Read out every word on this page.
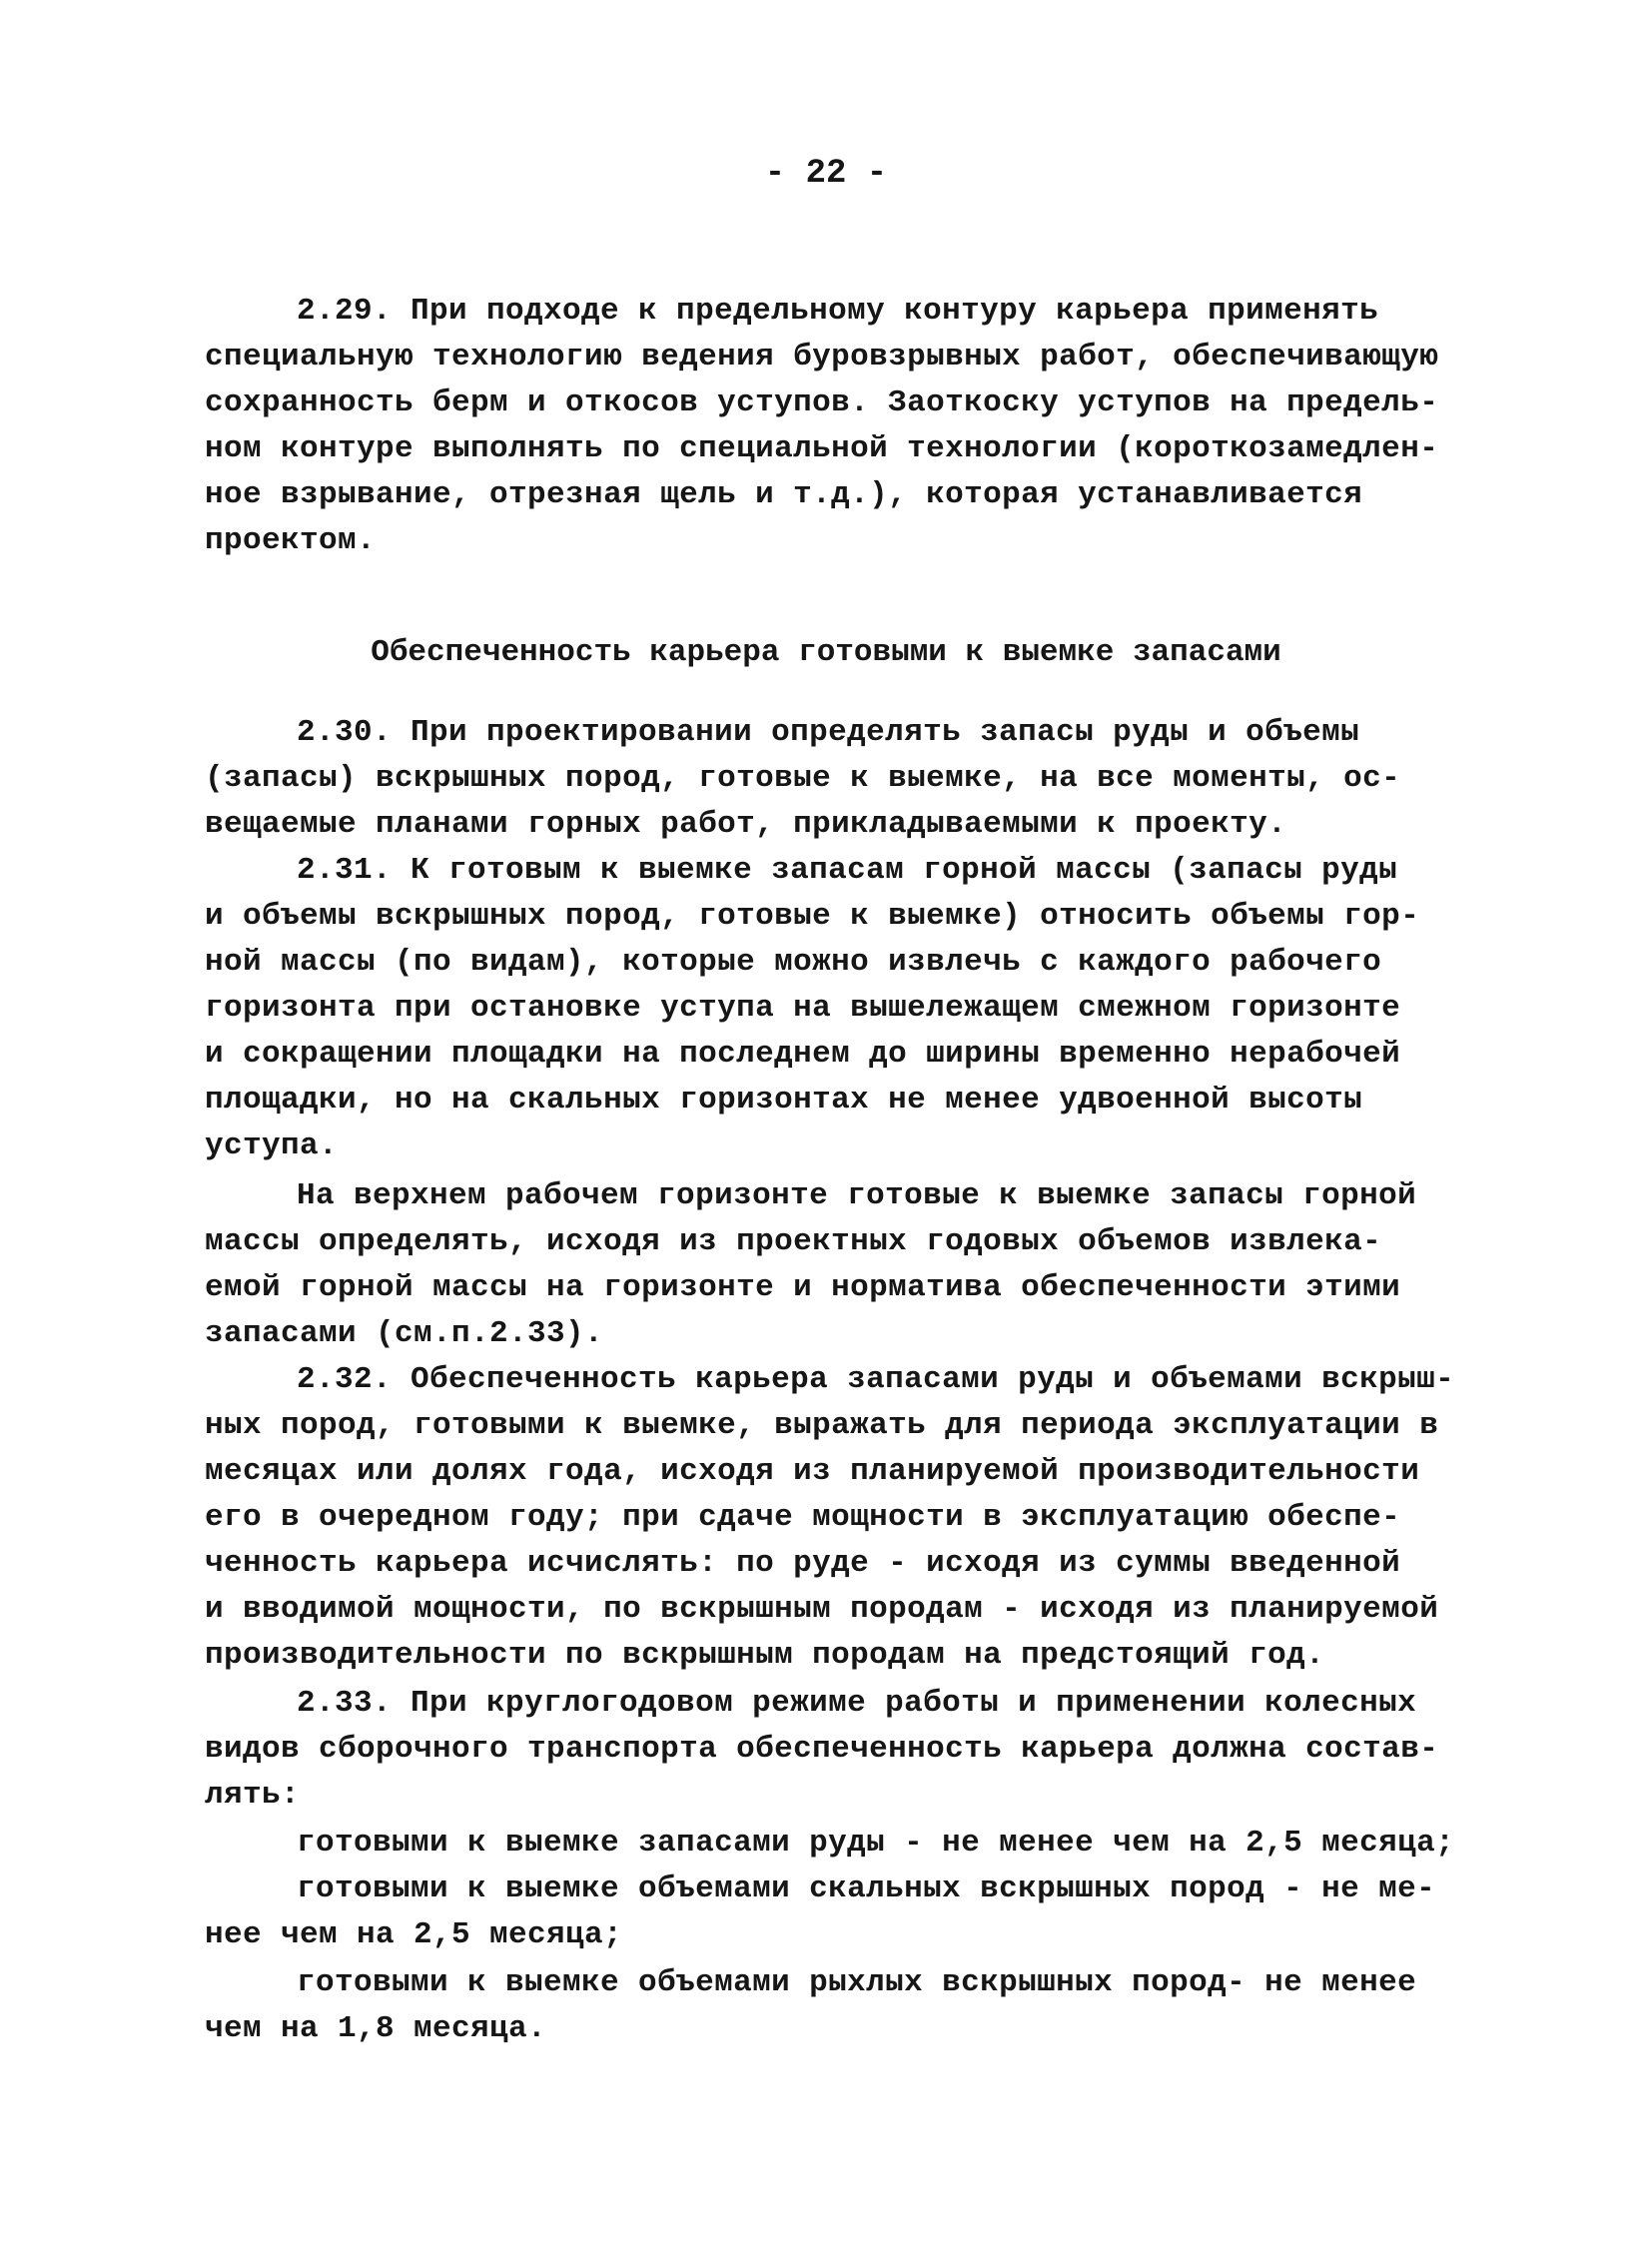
- 22 -
2.29. При подходе к предельному контуру карьера применять
специальную технологию ведения буровзрывных работ, обеспечивающую
сохранность берм и откосов уступов. Заоткоску уступов на предель-
ном контуре выполнять по специальной технологии (короткозамедлен-
ное взрывание, отрезная щель и т.д.), которая устанавливается
проектом.
Обеспеченность карьера готовыми к выемке запасами
2.30. При проектировании определять запасы руды и объемы
(запасы) вскрышных пород, готовые к выемке, на все моменты, ос-
вещаемые планами горных работ, прикладываемыми к проекту.
2.31. К готовым к выемке запасам горной массы (запасы руды
и объемы вскрышных пород, готовые к выемке) относить объемы гор-
ной массы (по видам), которые можно извлечь с каждого рабочего
горизонта при остановке уступа на вышележащем смежном горизонте
и сокращении площадки на последнем до ширины временно нерабочей
площадки, но на скальных горизонтах не менее удвоенной высоты
уступа.
На верхнем рабочем горизонте готовые к выемке запасы горной
массы определять, исходя из проектных годовых объемов извлека-
емой горной массы на горизонте и норматива обеспеченности этими
запасами (см.п.2.33).
2.32. Обеспеченность карьера запасами руды и объемами вскрыш-
ных пород, готовыми к выемке, выражать для периода эксплуатации в
месяцах или долях года, исходя из планируемой производительности
его в очередном году; при сдаче мощности в эксплуатацию обеспе-
ченность карьера исчислять: по руде - исходя из суммы введенной
и вводимой мощности, по вскрышным породам - исходя из планируемой
производительности по вскрышным породам на предстоящий год.
2.33. При круглогодовом режиме работы и применении колесных
видов сборочного транспорта обеспеченность карьера должна состав-
лять:
готовыми к выемке запасами руды - не менее чем на 2,5 месяца;
готовыми к выемке объемами скальных вскрышных пород - не ме-
нее чем на 2,5 месяца;
готовыми к выемке объемами рыхлых вскрышных пород- не менее
чем на 1,8 месяца.
